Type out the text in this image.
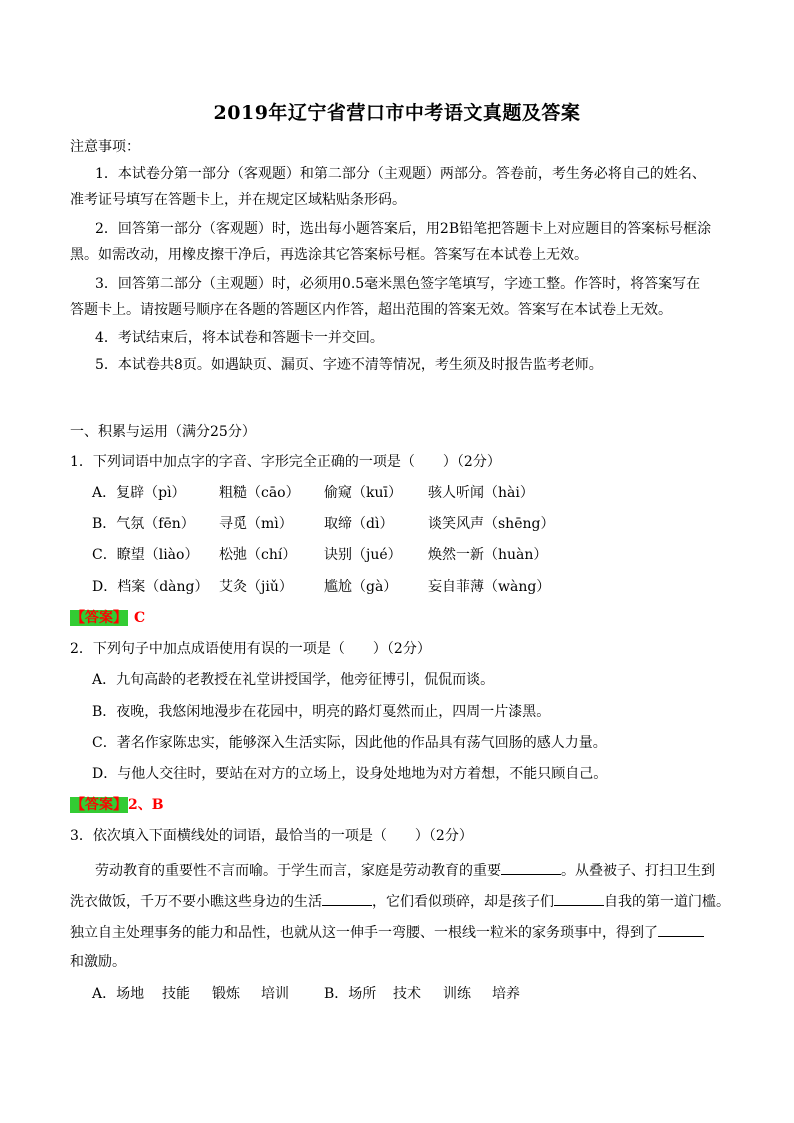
2019年辽宁省营口市中考语文真题及答案
注意事项：
1．本试卷分第一部分（客观题）和第二部分（主观题）两部分。答卷前，考生务必将自己的姓名、
准考证号填写在答题卡上，并在规定区域粘贴条形码。
2．回答第一部分（客观题）时，选出每小题答案后，用2B铅笔把答题卡上对应题目的答案标号框涂
黑。如需改动，用橡皮擦干净后，再选涂其它答案标号框。答案写在本试卷上无效。
3．回答第二部分（主观题）时，必须用0.5毫米黑色签字笔填写，字迹工整。作答时，将答案写在
答题卡上。请按题号顺序在各题的答题区内作答，超出范围的答案无效。答案写在本试卷上无效。
4．考试结束后，将本试卷和答题卡一并交回。
5．本试卷共8页。如遇缺页、漏页、字迹不清等情况，考生须及时报告监考老师。
一、积累与运用（满分25分）
1．下列词语中加点字的字音、字形完全正确的一项是（　　）（2分）
A．复辟（pì） 粗糙（cāo） 偷窥（kuī） 骇人听闻（hài）
B．气氛（fēn） 寻觅（mì） 取缔（dì） 谈笑风声（shēng）
C．瞭望（liào） 松弛（chí） 诀别（jué） 焕然一新（huàn）
D．档案（dàng） 艾灸（jiǔ） 尴尬（gà） 妄自菲薄（wàng）
【答案】 C
2．下列句子中加点成语使用有误的一项是（　　）（2分）
A．九旬高龄的老教授在礼堂讲授国学，他旁征博引，侃侃而谈。
B．夜晚，我悠闲地漫步在花园中，明亮的路灯戛然而止，四周一片漆黑。
C．著名作家陈忠实，能够深入生活实际，因此他的作品具有荡气回肠的感人力量。
D．与他人交往时，要站在对方的立场上，设身处地地为对方着想，不能只顾自己。
【答案】2、B
3．依次填入下面横线处的词语，最恰当的一项是（　　）（2分）
劳动教育的重要性不言而喻。于学生而言，家庭是劳动教育的重要	。从叠被子、打扫卫生到
洗衣做饭，千万不要小瞧这些身边的生活	，它们看似琐碎，却是孩子们	自我的第一道门槛。
独立自主处理事务的能力和品性，也就从这一伸手一弯腰、一根线一粒米的家务琐事中，得到了
和激励。
A．场地 技能 锻炼 培训	B．场所 技术 训练 培养
